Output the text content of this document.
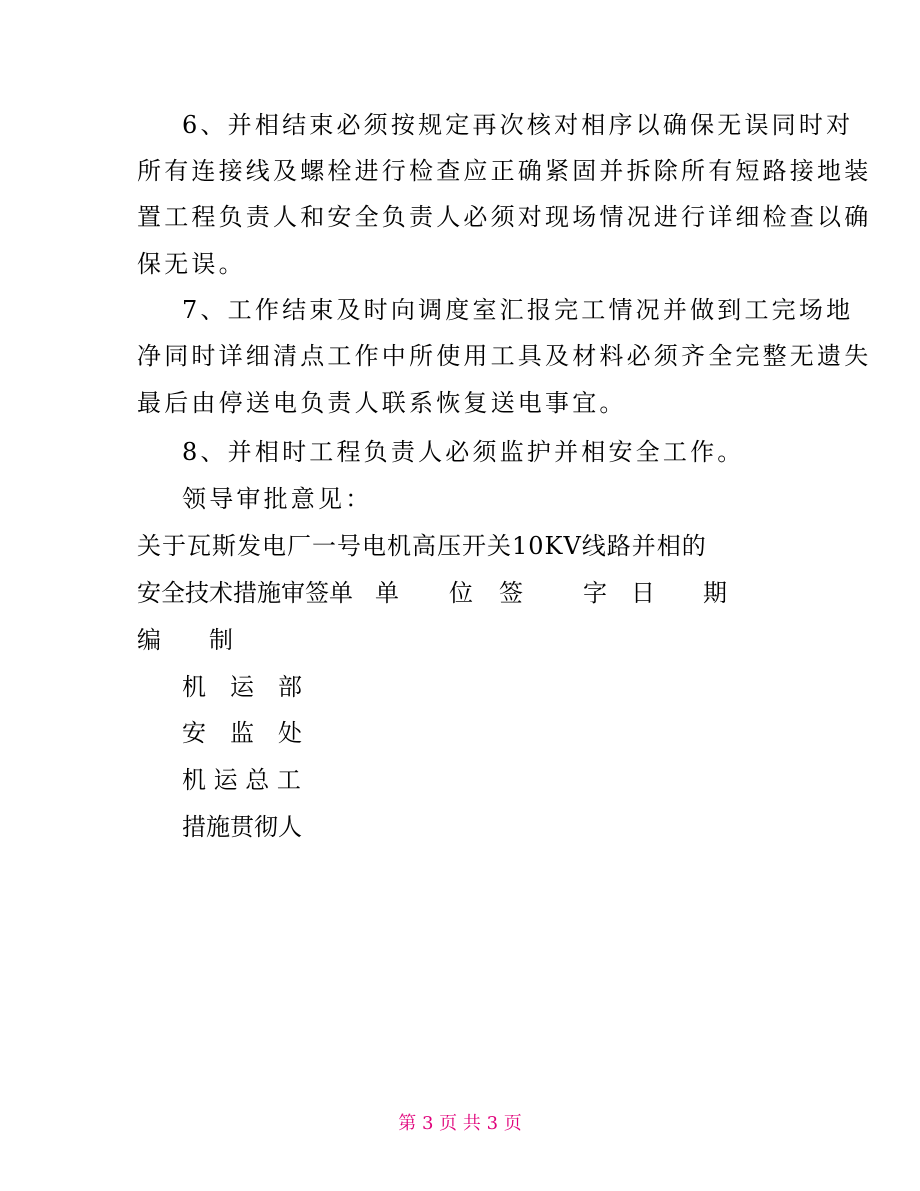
6、并相结束必须按规定再次核对相序以确保无误同时对
所有连接线及螺栓进行检查应正确紧固并拆除所有短路接地装
置工程负责人和安全负责人必须对现场情况进行详细检查以确
保无误。
7、工作结束及时向调度室汇报完工情况并做到工完场地
净同时详细清点工作中所使用工具及材料必须齐全完整无遗失
最后由停送电负责人联系恢复送电事宜。
8、并相时工程负责人必须监护并相安全工作。
领导审批意见：
关于瓦斯发电厂一号电机高压开关10KV线路并相的
安全技术措施审签单 单 位 签	字 日 期
编 制
机　运　部
安　监　处
机 运 总 工
措施贯彻人
第 3 页 共 3 页
